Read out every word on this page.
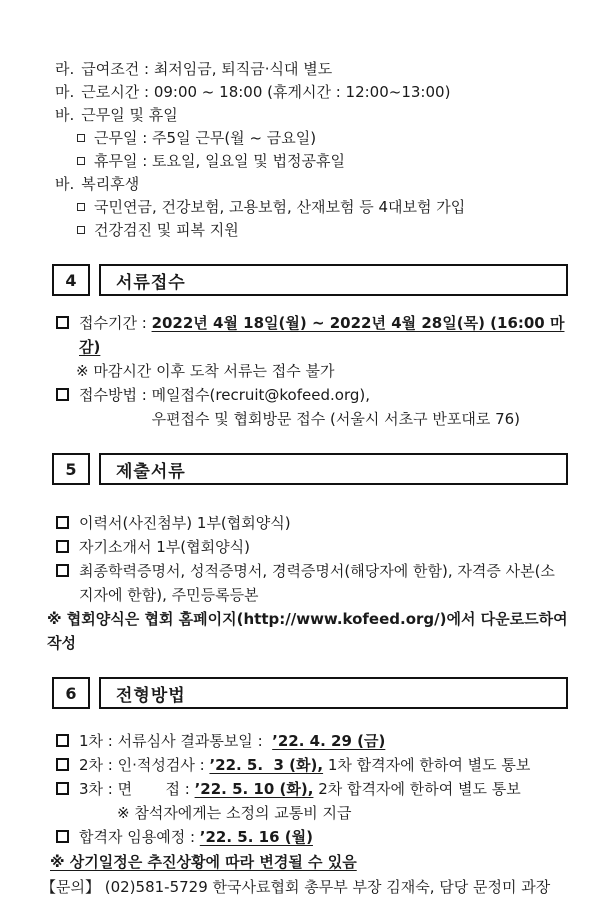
라. 급여조건 : 최저임금, 퇴직금·식대 별도
마. 근로시간 : 09:00 ~ 18:00 (휴게시간 : 12:00~13:00)
바. 근무일 및 휴일
근무일 : 주5일 근무(월 ~ 금요일)
휴무일 : 토요일, 일요일 및 법정공휴일
바. 복리후생
국민연금, 건강보험, 고용보험, 산재보험 등 4대보험 가입
건강검진 및 피복 지원
4	서류접수
접수기간 : 2022년 4월 18일(월) ~ 2022년 4월 28일(목) (16:00 마감)
※ 마감시간 이후 도착 서류는 접수 불가
접수방법 : 메일접수(recruit@kofeed.org),
우편접수 및 협회방문 접수 (서울시 서초구 반포대로 76)
5	제출서류
이력서(사진첨부) 1부(협회양식)
자기소개서 1부(협회양식)
최종학력증명서, 성적증명서, 경력증명서(해당자에 한함), 자격증 사본(소지자에 한함), 주민등록등본
※ 협회양식은 협회 홈페이지(http://www.kofeed.org/)에서 다운로드하여 작성
6	전형방법
1차 : 서류심사 결과통보일 :  ’22. 4. 29 (금)
2차 : 인·적성검사 : ’22. 5.  3 (화), 1차 합격자에 한하여 별도 통보
3차 : 면       접 : ’22. 5. 10 (화), 2차 합격자에 한하여 별도 통보
※ 참석자에게는 소정의 교통비 지급
합격자 임용예정 : ’22. 5. 16 (월)
※ 상기일정은 추진상황에 따라 변경될 수 있음
【문의】 (02)581-5729 한국사료협회 총무부 부장 김재숙, 담당 문정미 과장
